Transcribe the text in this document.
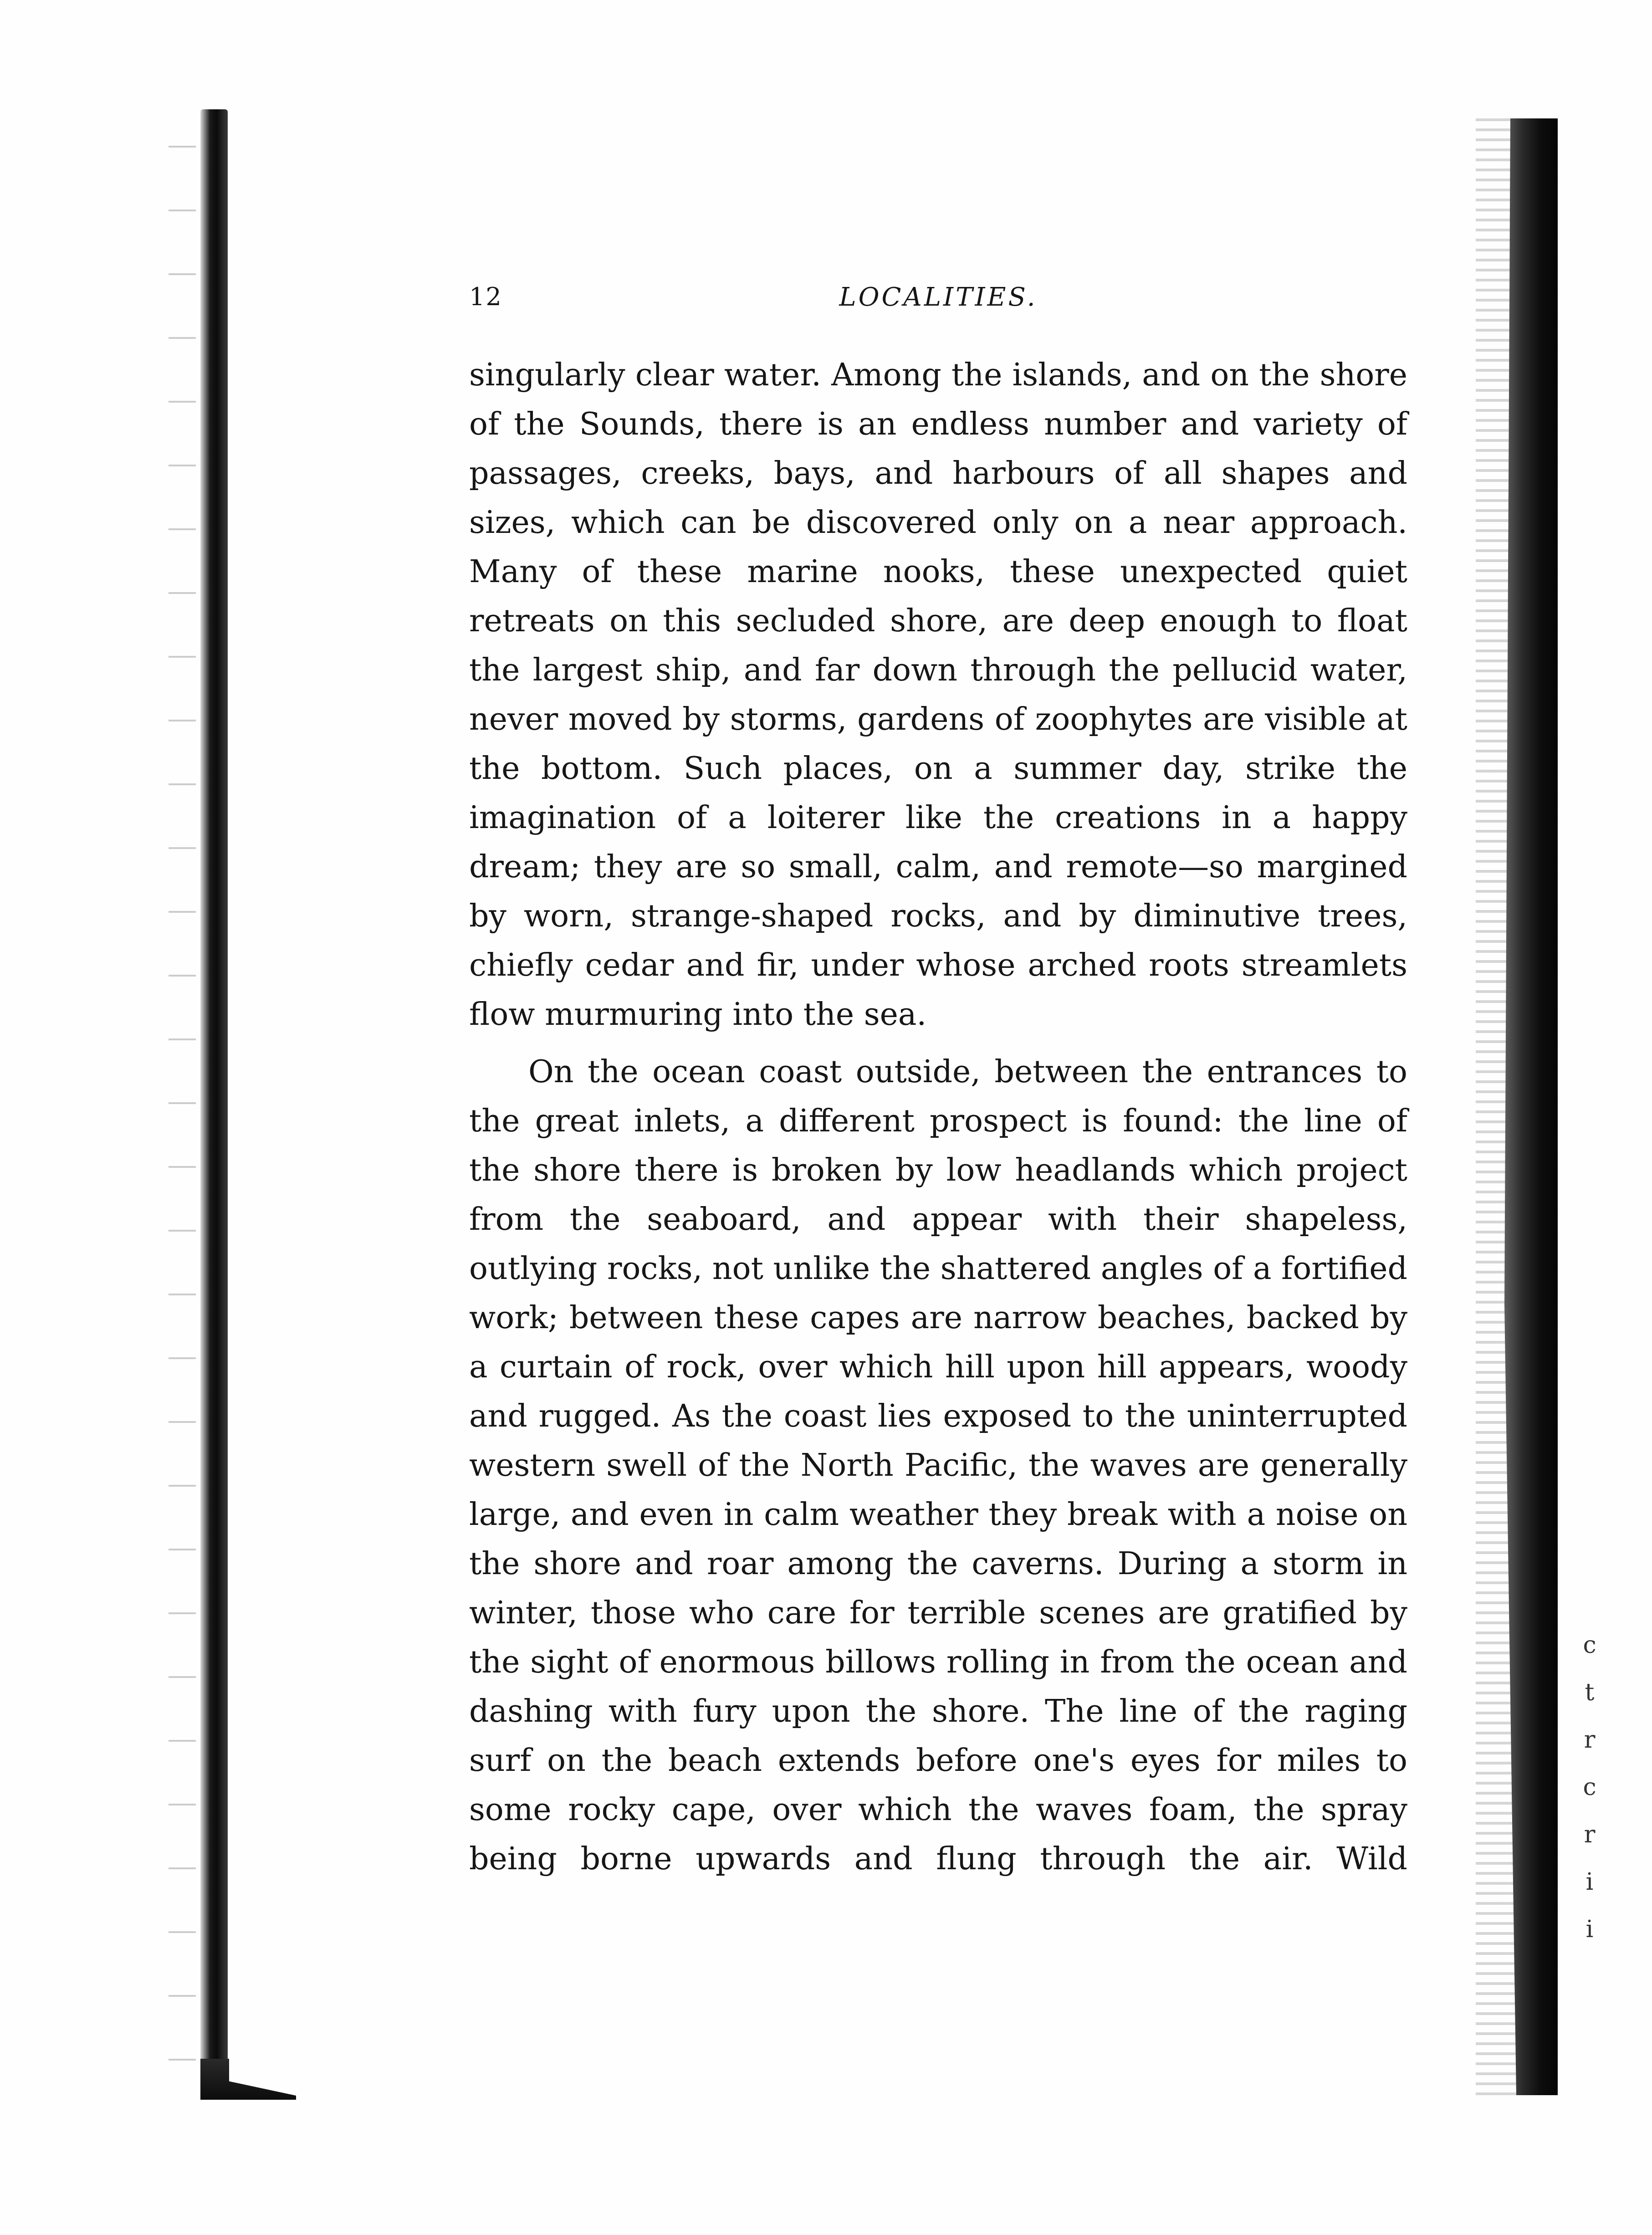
12	LOCALITIES.

singularly clear water. Among the islands, and on the shore of the Sounds, there is an endless number and variety of passages, creeks, bays, and harbours of all shapes and sizes, which can be discovered only on a near approach. Many of these marine nooks, these unexpected quiet retreats on this secluded shore, are deep enough to float the largest ship, and far down through the pellucid water, never moved by storms, gardens of zoophytes are visible at the bottom. Such places, on a summer day, strike the imagination of a loiterer like the creations in a happy dream; they are so small, calm, and remote—so margined by worn, strange-shaped rocks, and by diminutive trees, chiefly cedar and fir, under whose arched roots streamlets flow murmuring into the sea.

On the ocean coast outside, between the entrances to the great inlets, a different prospect is found: the line of the shore there is broken by low headlands which project from the seaboard, and appear with their shapeless, outlying rocks, not unlike the shattered angles of a fortified work; between these capes are narrow beaches, backed by a curtain of rock, over which hill upon hill appears, woody and rugged. As the coast lies exposed to the uninterrupted western swell of the North Pacific, the waves are generally large, and even in calm weather they break with a noise on the shore and roar among the caverns. During a storm in winter, those who care for terrible scenes are gratified by the sight of enormous billows rolling in from the ocean and dashing with fury upon the shore. The line of the raging surf on the beach extends before one's eyes for miles to some rocky cape, over which the waves foam, the spray being borne upwards and flung through the air. Wild

c
t
r
c
r
i
i
